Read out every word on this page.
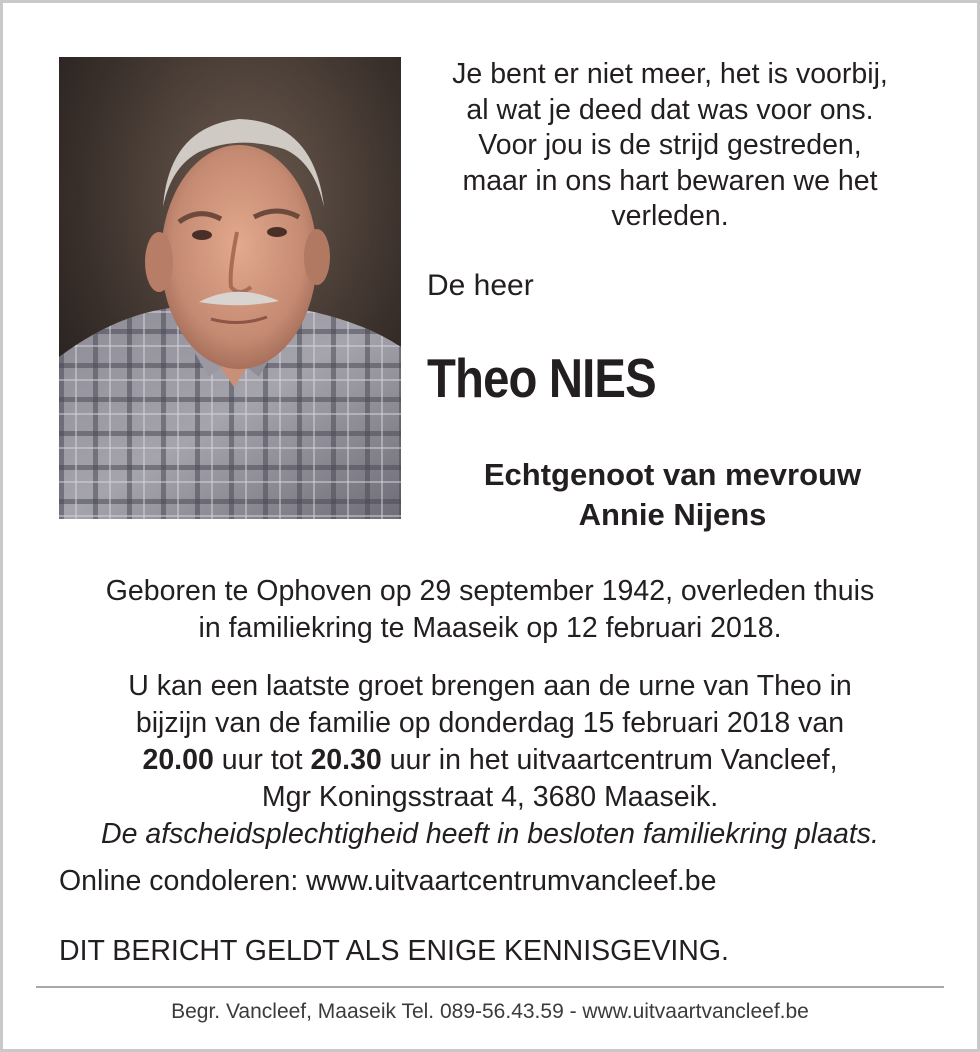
Je bent er niet meer, het is voorbij,
al wat je deed dat was voor ons.
Voor jou is de strijd gestreden,
maar in ons hart bewaren we het
verleden.
De heer
Theo NIES
Echtgenoot van mevrouw
Annie Nijens
Geboren te Ophoven op 29 september 1942, overleden thuis
in familiekring te Maaseik op 12 februari 2018.
U kan een laatste groet brengen aan de urne van Theo in
bijzijn van de familie op donderdag 15 februari 2018 van
20.00 uur tot 20.30 uur in het uitvaartcentrum Vancleef,
Mgr Koningsstraat 4, 3680 Maaseik.
De afscheidsplechtigheid heeft in besloten familiekring plaats.
Online condoleren: www.uitvaartcentrumvancleef.be
DIT BERICHT GELDT ALS ENIGE KENNISGEVING.
Begr. Vancleef, Maaseik Tel. 089-56.43.59 - www.uitvaartvancleef.be
